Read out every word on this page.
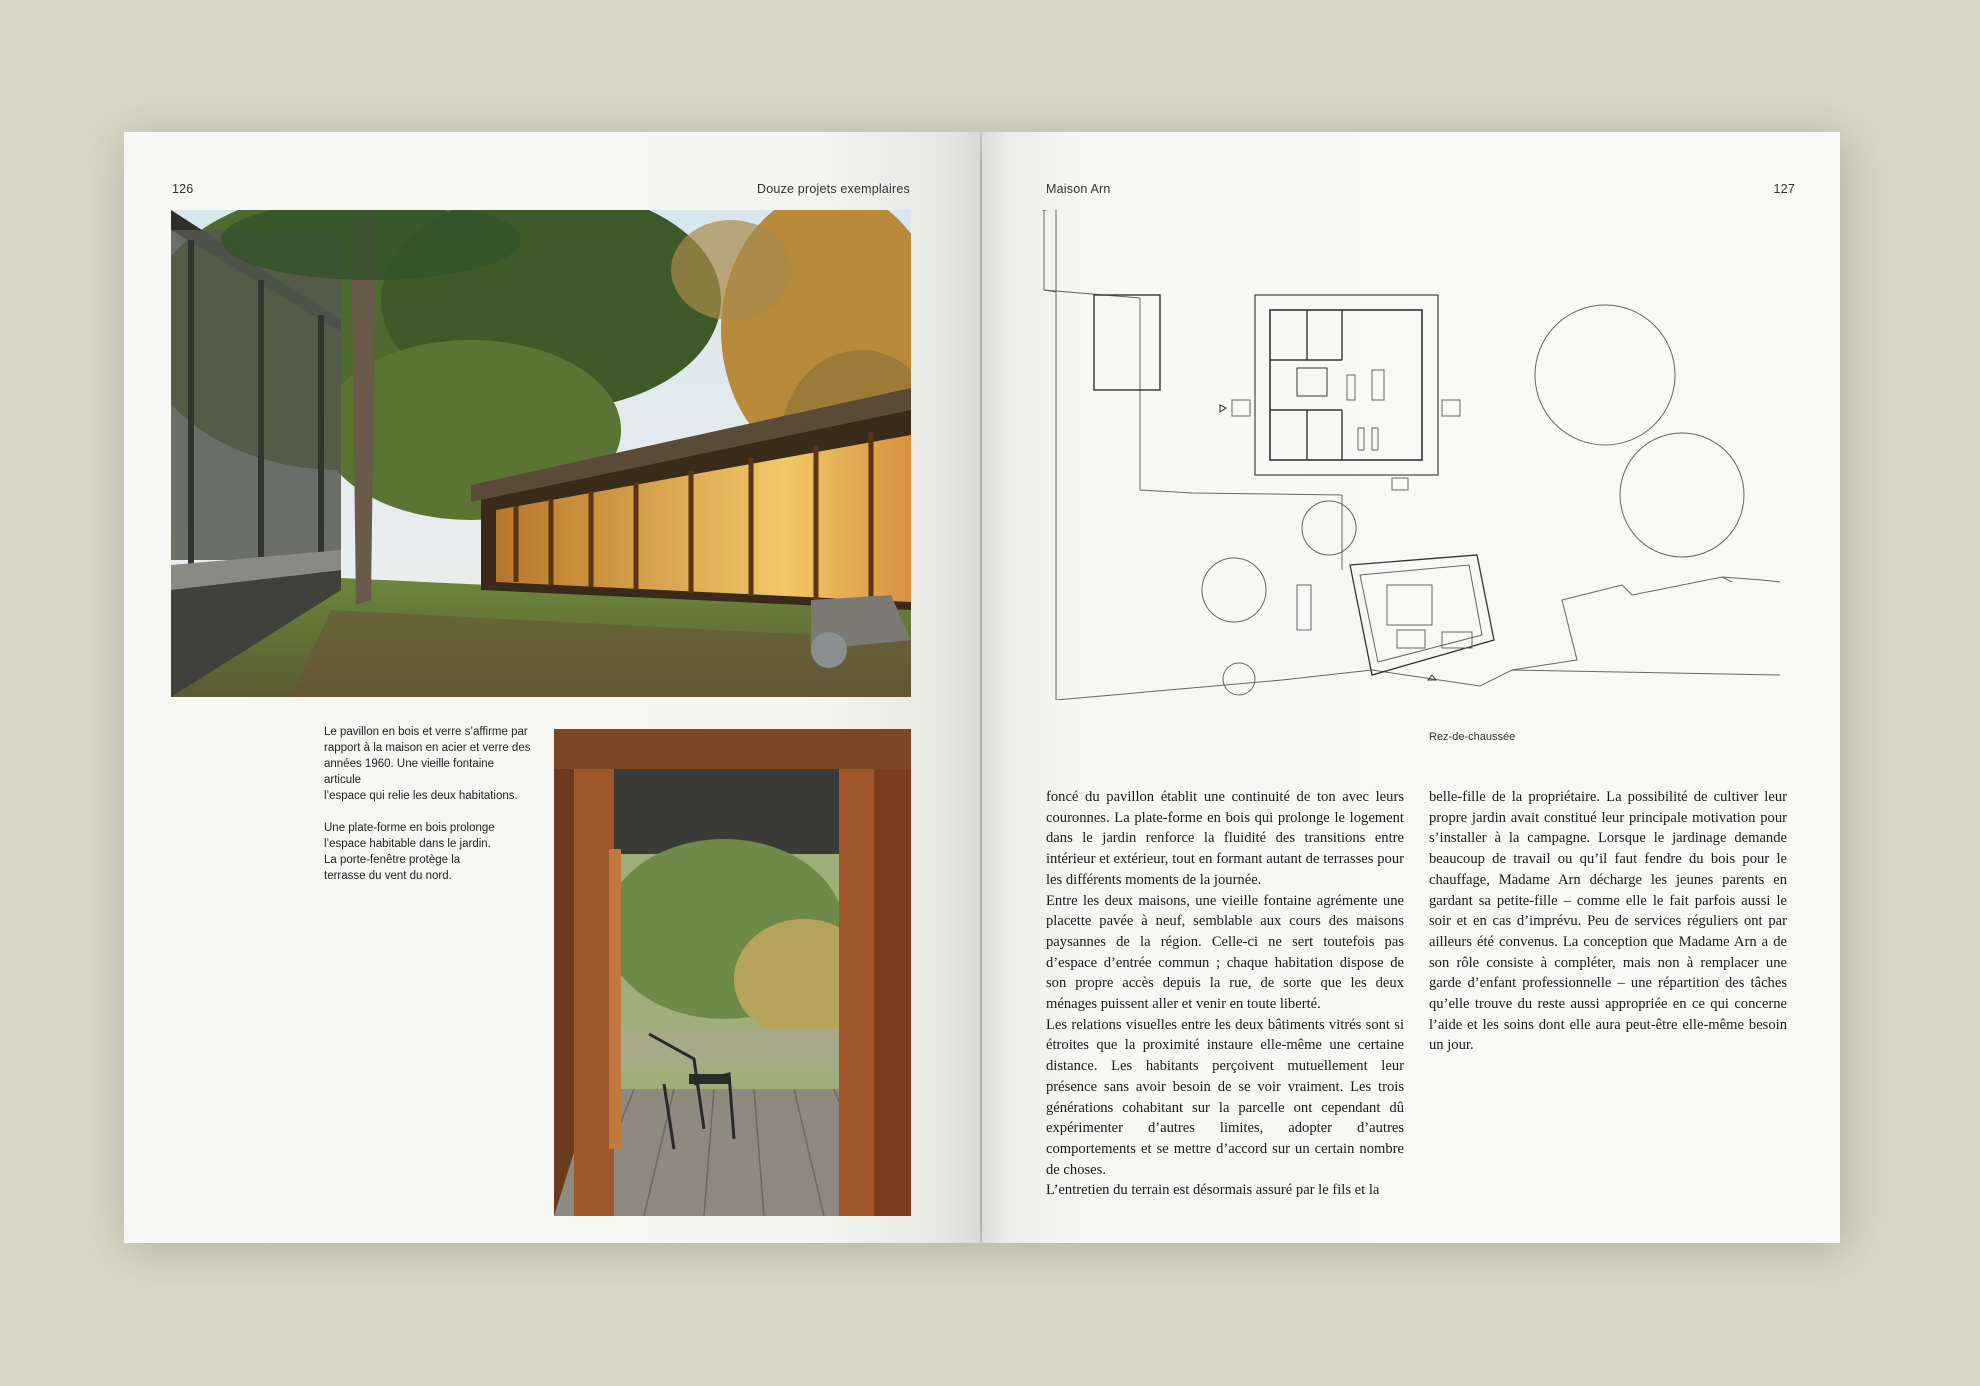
126	Douze projets exemplaires

Le pavillon en bois et verre s’affirme par
rapport à la maison en acier et verre des
années 1960. Une vieille fontaine articule
l’espace qui relie les deux habitations.

Une plate-forme en bois prolonge
l’espace habitable dans le jardin.
La porte-fenêtre protège la
terrasse du vent du nord.

Maison Arn	127
Rez-de-chaussée

foncé du pavillon établit une continuité de ton avec leurs couronnes. La plate-forme en bois qui prolonge le logement dans le jardin renforce la fluidité des transitions entre intérieur et extérieur, tout en formant autant de terrasses pour les différents moments de la journée.

Entre les deux maisons, une vieille fontaine agrémente une placette pavée à neuf, semblable aux cours des maisons paysannes de la région. Celle-ci ne sert toutefois pas d’espace d’entrée commun ; chaque habitation dispose de son propre accès depuis la rue, de sorte que les deux ménages puissent aller et venir en toute liberté.

Les relations visuelles entre les deux bâtiments vitrés sont si étroites que la proximité instaure elle-même une certaine distance. Les habitants perçoivent mutuellement leur présence sans avoir besoin de se voir vraiment. Les trois générations cohabitant sur la parcelle ont cependant dû expérimenter d’autres limites, adopter d’autres comportements et se mettre d’accord sur un certain nombre de choses.

L’entretien du terrain est désormais assuré par le fils et la

belle-fille de la propriétaire. La possibilité de cultiver leur propre jardin avait constitué leur principale motivation pour s’installer à la campagne. Lorsque le jardinage demande beaucoup de travail ou qu’il faut fendre du bois pour le chauffage, Madame Arn décharge les jeunes parents en gardant sa petite-fille – comme elle le fait parfois aussi le soir et en cas d’imprévu. Peu de services réguliers ont par ailleurs été convenus. La conception que Madame Arn a de son rôle consiste à compléter, mais non à remplacer une garde d’enfant professionnelle – une répartition des tâches qu’elle trouve du reste aussi appropriée en ce qui concerne l’aide et les soins dont elle aura peut-être elle-même besoin un jour.
